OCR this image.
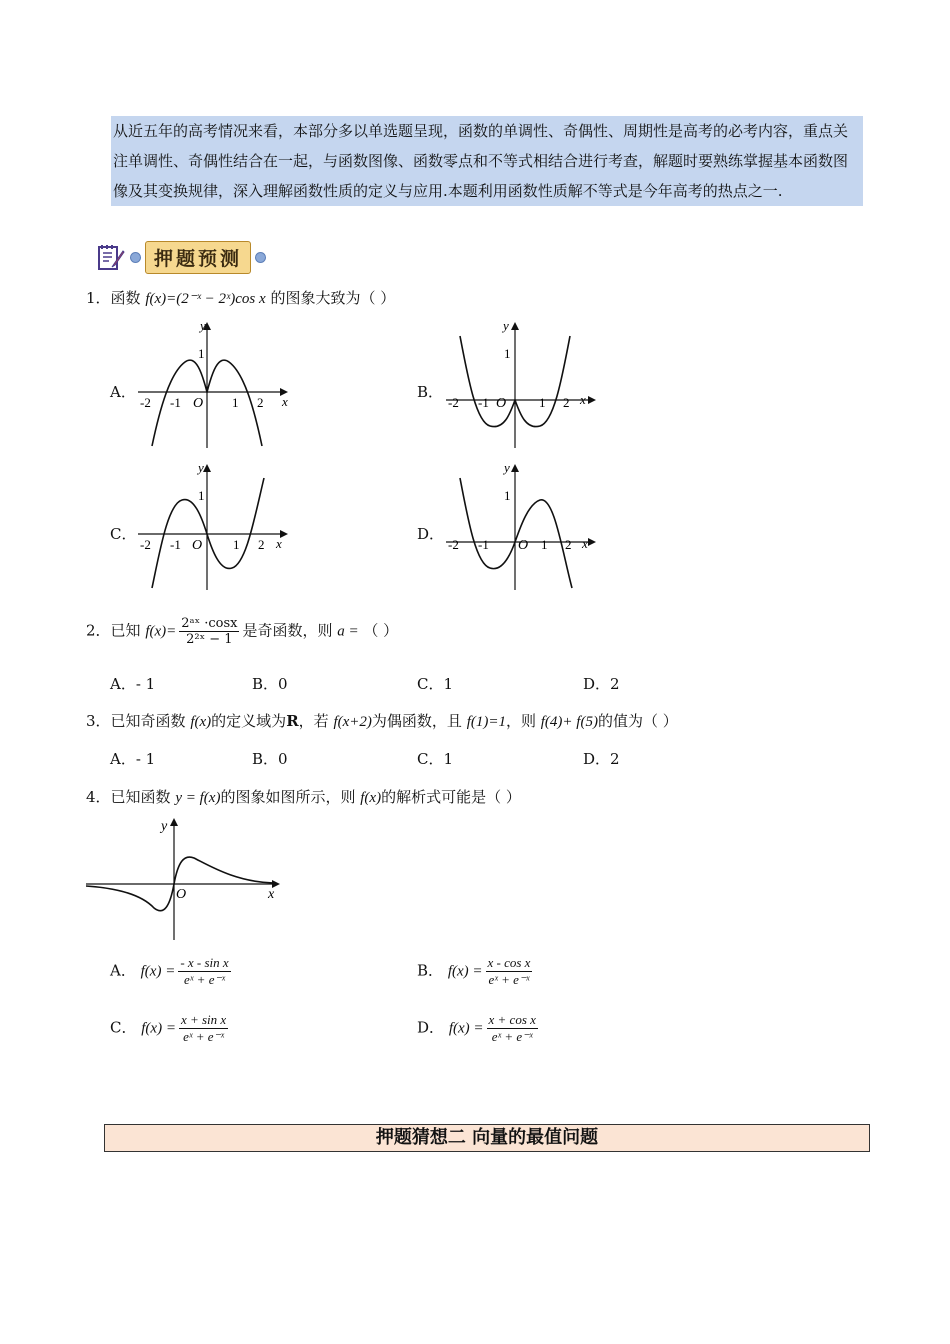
从近五年的高考情况来看，本部分多以单选题呈现，函数的单调性、奇偶性、周期性是高考的必考内容，重点关注单调性、奇偶性结合在一起，与函数图像、函数零点和不等式相结合进行考查，解题时要熟练掌握基本函数图像及其变换规律，深入理解函数性质的定义与应用.本题利用函数性质解不等式是今年高考的热点之一.
押题预测
1．函数 f(x)=(2⁻ˣ − 2ˣ)cos x 的图象大致为（ ）
A．	B．
C．	D．
y
x
O
1
-2 -1	1 2
y
x
O
1
-2 -1	1 2
y
x
O
1
-2 -1	1 2
y
x
O
1
-2 -1	1 2
2．已知 $f(x)= \frac{\text{2ᵃˣ ·cosx}}{\text{2²ˣ − 1}}$ 是奇函数，则 a = （ ）
A．- 1	B．0	C．1	D．2
3．已知奇函数 f(x)的定义域为R，若 f(x+2)为偶函数，且 f(1)=1，则 f(4)+ f(5)的值为（ ）
A．- 1	B．0	C．1	D．2
4．已知函数 y = f(x)的图象如图所示，则 f(x)的解析式可能是（ ）
y
x
O
A． $f(x) = \frac{\text{- x - sin x}}{\text{eˣ + e⁻ˣ}}$	B． $f(x) = \frac{\text{x - cos x}}{\text{eˣ + e⁻ˣ}}$
C． $f(x) = \frac{\text{x + sin x}}{\text{eˣ + e⁻ˣ}}$	D． $f(x) = \frac{\text{x + cos x}}{\text{eˣ + e⁻ˣ}}$
押题猜想二 向量的最值问题
